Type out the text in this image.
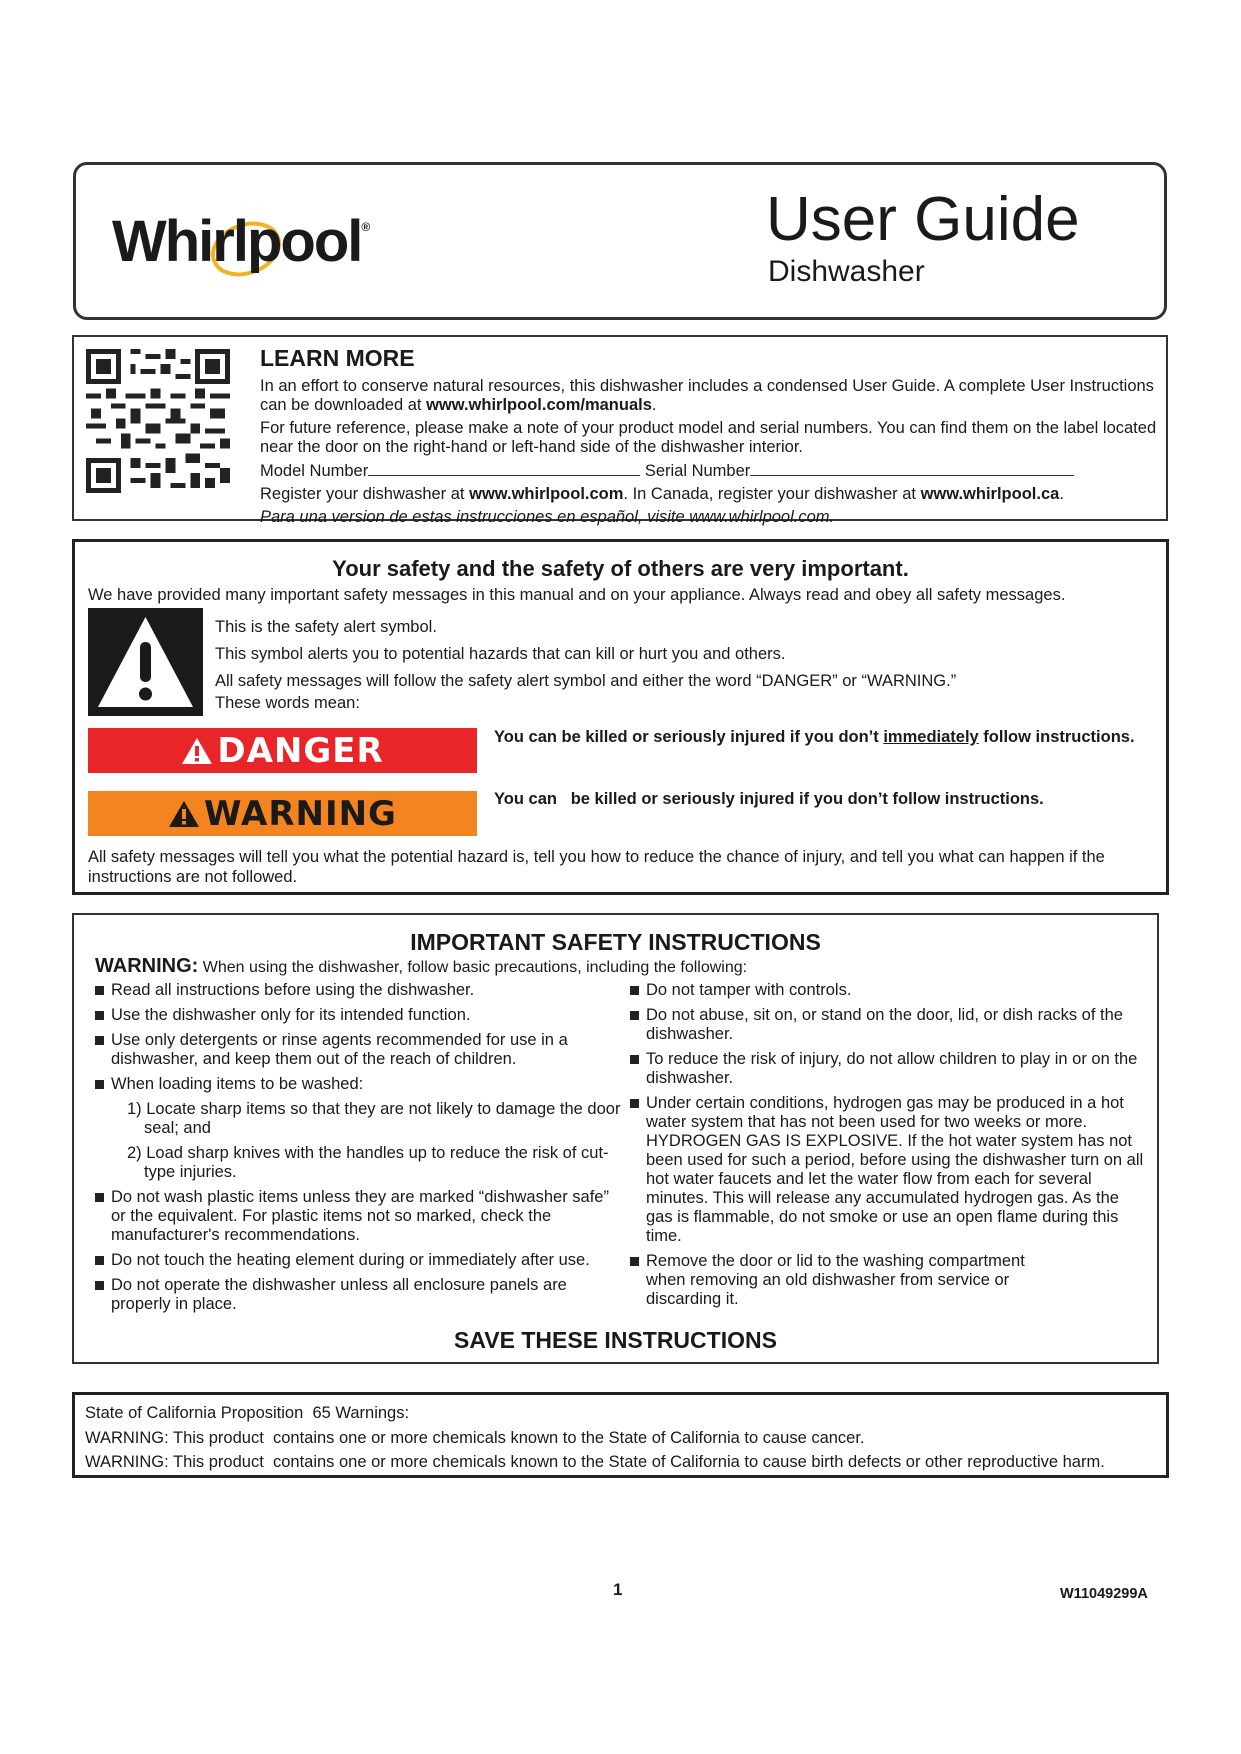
Whirlpool®	User Guide
Dishwasher
LEARN MORE

In an effort to conserve natural resources, this dishwasher includes a condensed User Guide. A complete User Instructions can be downloaded at www.whirlpool.com/manuals.

For future reference, please make a note of your product model and serial numbers. You can find them on the label located near the door on the right-hand or left-hand side of the dishwasher interior.

Model Number	Serial Number

Register your dishwasher at www.whirlpool.com. In Canada, register your dishwasher at www.whirlpool.ca.

Para una version de estas instrucciones en español, visite www.whirlpool.com.

Your safety and the safety of others are very important.
We have provided many important safety messages in this manual and on your appliance. Always read and obey all safety messages.
This is the safety alert symbol.
This symbol alerts you to potential hazards that can kill or hurt you and others.
All safety messages will follow the safety alert symbol and either the word “DANGER” or “WARNING.”
These words mean:
DANGER	You can be killed or seriously injured if you don’t immediately follow instructions.
WARNING	You can   be killed or seriously injured if you don’t follow instructions.
All safety messages will tell you what the potential hazard is, tell you how to reduce the chance of injury, and tell you what can happen if the instructions are not followed.
IMPORTANT SAFETY INSTRUCTIONS
WARNING: When using the dishwasher, follow basic precautions, including the following:
Read all instructions before using the dishwasher.
Use the dishwasher only for its intended function.
Use only detergents or rinse agents recommended for use in a dishwasher, and keep them out of the reach of children.
When loading items to be washed:
1) Locate sharp items so that they are not likely to damage the door seal; and
2) Load sharp knives with the handles up to reduce the risk of cut-type injuries.
Do not wash plastic items unless they are marked “dishwasher safe” or the equivalent. For plastic items not so marked, check the manufacturer's recommendations.
Do not touch the heating element during or immediately after use.
Do not operate the dishwasher unless all enclosure panels are properly in place.
Do not tamper with controls.
Do not abuse, sit on, or stand on the door, lid, or dish racks of the dishwasher.
To reduce the risk of injury, do not allow children to play in or on the dishwasher.
Under certain conditions, hydrogen gas may be produced in a hot water system that has not been used for two weeks or more. HYDROGEN GAS IS EXPLOSIVE. If the hot water system has not been used for such a period, before using the dishwasher turn on all hot water faucets and let the water flow from each for several minutes. This will release any accumulated hydrogen gas. As the gas is flammable, do not smoke or use an open flame during this time.
Remove the door or lid to the washing compartment when removing an old dishwasher from service or discarding it.
SAVE THESE INSTRUCTIONS
State of California Proposition  65 Warnings:
WARNING: This product  contains one or more chemicals known to the State of California to cause cancer.
WARNING: This product  contains one or more chemicals known to the State of California to cause birth defects or other reproductive harm.
1	W11049299A
